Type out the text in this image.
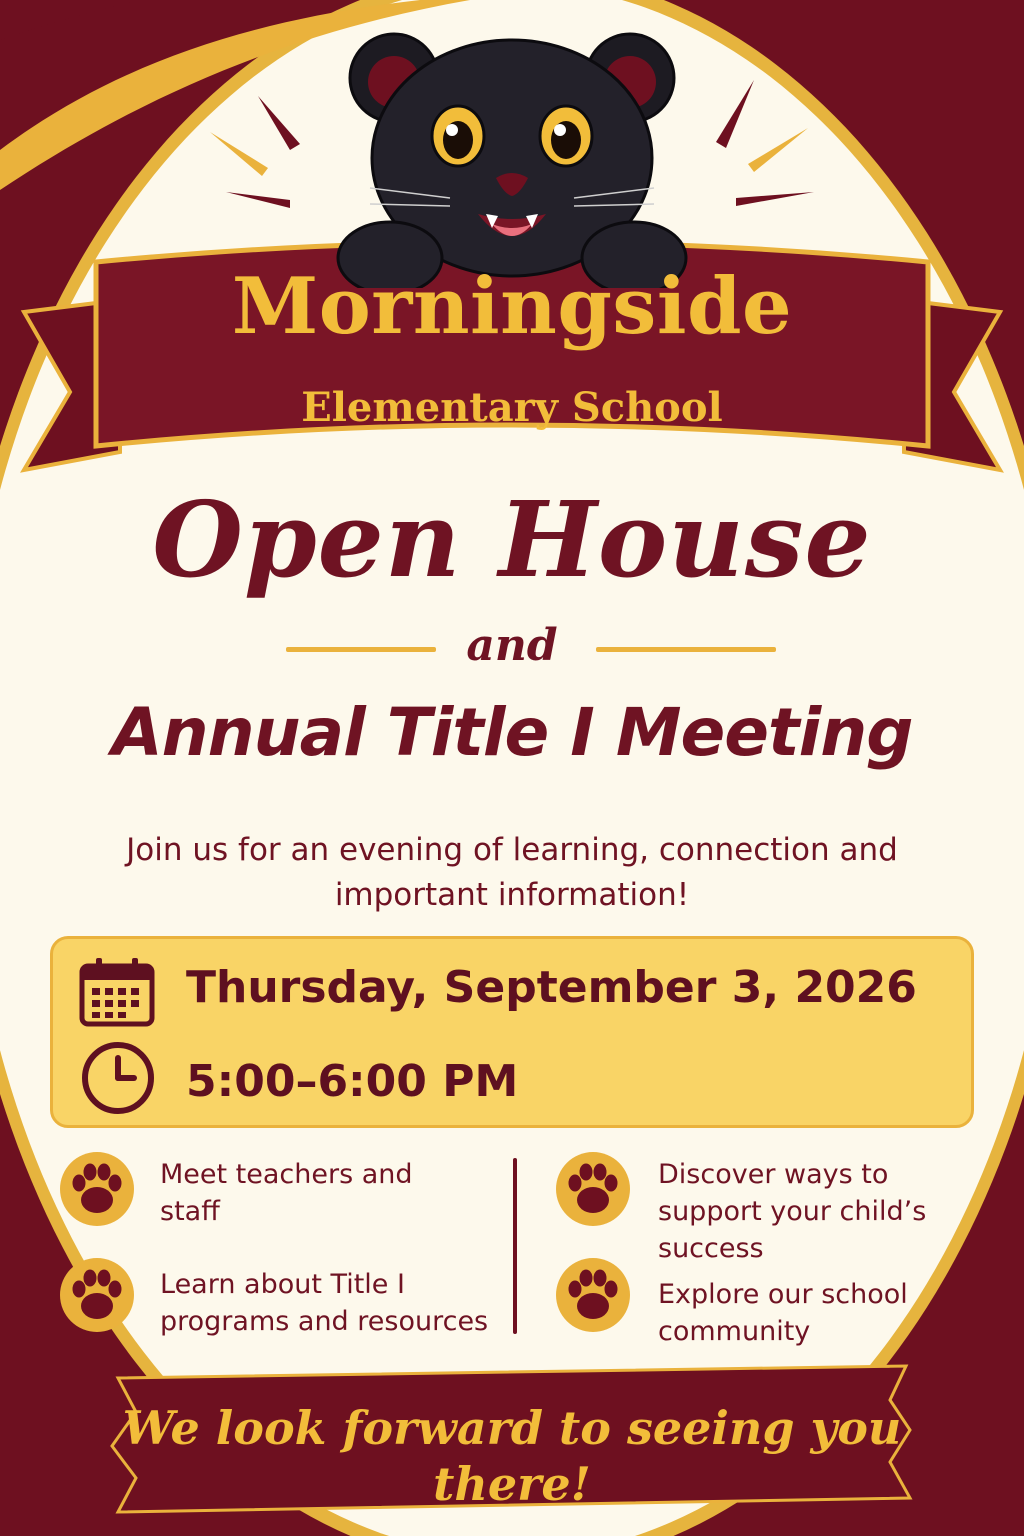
Morningside
Elementary School
Open House
and
Annual Title I Meeting
Join us for an evening of learning, connection and important information!
Thursday, September 3, 2026
5:00–6:00 PM
Meet teachers and staff
Learn about Title I programs and resources
Discover ways to support your child’s success
Explore our school community
We look forward to seeing you there!
